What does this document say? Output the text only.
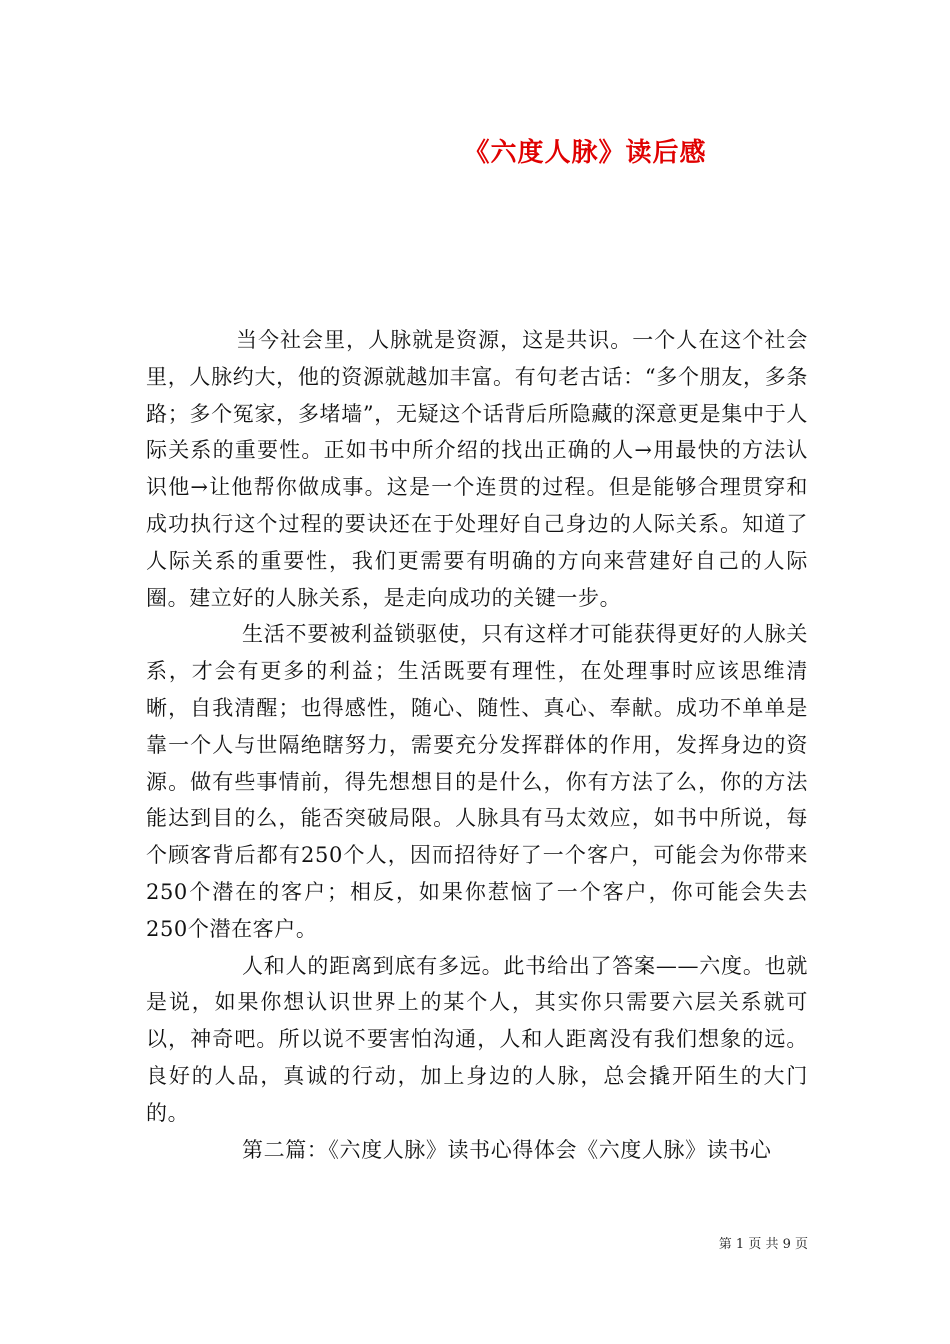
《六度人脉》读后感

当今社会里，人脉就是资源，这是共识。一个人在这个社会里，人脉约大，他的资源就越加丰富。有句老古话：“多个朋友，多条路；多个冤家，多堵墙”，无疑这个话背后所隐藏的深意更是集中于人际关系的重要性。正如书中所介绍的找出正确的人→用最快的方法认识他→让他帮你做成事。这是一个连贯的过程。但是能够合理贯穿和成功执行这个过程的要诀还在于处理好自己身边的人际关系。知道了人际关系的重要性，我们更需要有明确的方向来营建好自己的人际圈。建立好的人脉关系，是走向成功的关键一步。

生活不要被利益锁驱使，只有这样才可能获得更好的人脉关系，才会有更多的利益；生活既要有理性，在处理事时应该思维清晰，自我清醒；也得感性，随心、随性、真心、奉献。成功不单单是靠一个人与世隔绝瞎努力，需要充分发挥群体的作用，发挥身边的资源。做有些事情前，得先想想目的是什么，你有方法了么，你的方法能达到目的么，能否突破局限。人脉具有马太效应，如书中所说，每个顾客背后都有250个人，因而招待好了一个客户，可能会为你带来250个潜在的客户；相反，如果你惹恼了一个客户，你可能会失去250个潜在客户。

人和人的距离到底有多远。此书给出了答案——六度。也就是说，如果你想认识世界上的某个人，其实你只需要六层关系就可以，神奇吧。所以说不要害怕沟通，人和人距离没有我们想象的远。良好的人品，真诚的行动，加上身边的人脉，总会撬开陌生的大门的。

第二篇：《六度人脉》读书心得体会《六度人脉》读书心

第 1 页 共 9 页
